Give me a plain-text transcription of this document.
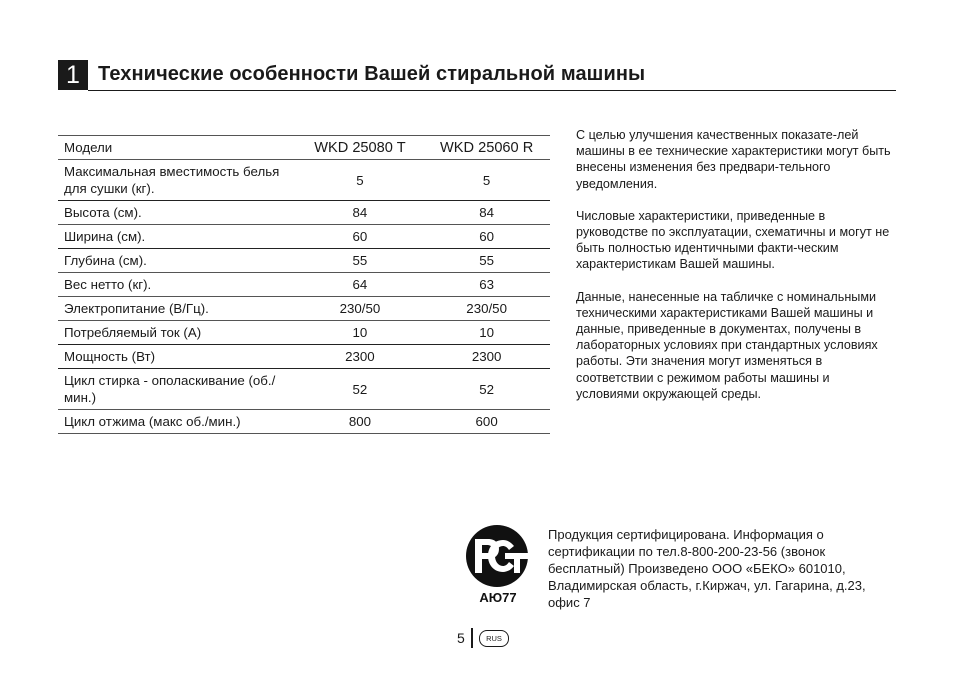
1 Технические особенности Вашей стиральной машины
Модели	WKD 25080 T	WKD 25060 R
Максимальная вместимость белья для сушки (кг).	5	5
Высота (см).	84	84
Ширина (см).	60	60
Глубина (см).	55	55
Вес нетто (кг).	64	63
Электропитание (В/Гц).	230/50	230/50
Потребляемый ток (А)	10	10
Мощность (Вт)	2300	2300
Цикл стирка - ополаскивание (об./мин.)	52	52
Цикл отжима (макс об./мин.)	800	600

С целью улучшения качественных показате-лей машины в ее технические характеристики могут быть внесены изменения без предвари-тельного уведомления.

Числовые характеристики, приведенные в руководстве по эксплуатации, схематичны и могут не быть полностью идентичными факти-ческим характеристикам Вашей машины.

Данные, нанесенные на табличке с номинальными техническими характеристиками Вашей машины и данные, приведенные в документах, получены в лабораторных условиях при стандартных условиях работы. Эти значения могут изменяться в соответствии с режимом работы машины и условиями окружающей среды.

АЮ77
Продукция сертифицирована. Информация о сертификации по тел.8-800-200-23-56 (звонок бесплатный) Произведено ООО «БЕКО» 601010, Владимирская область, г.Киржач, ул. Гагарина, д.23, офис 7
5	RUS
